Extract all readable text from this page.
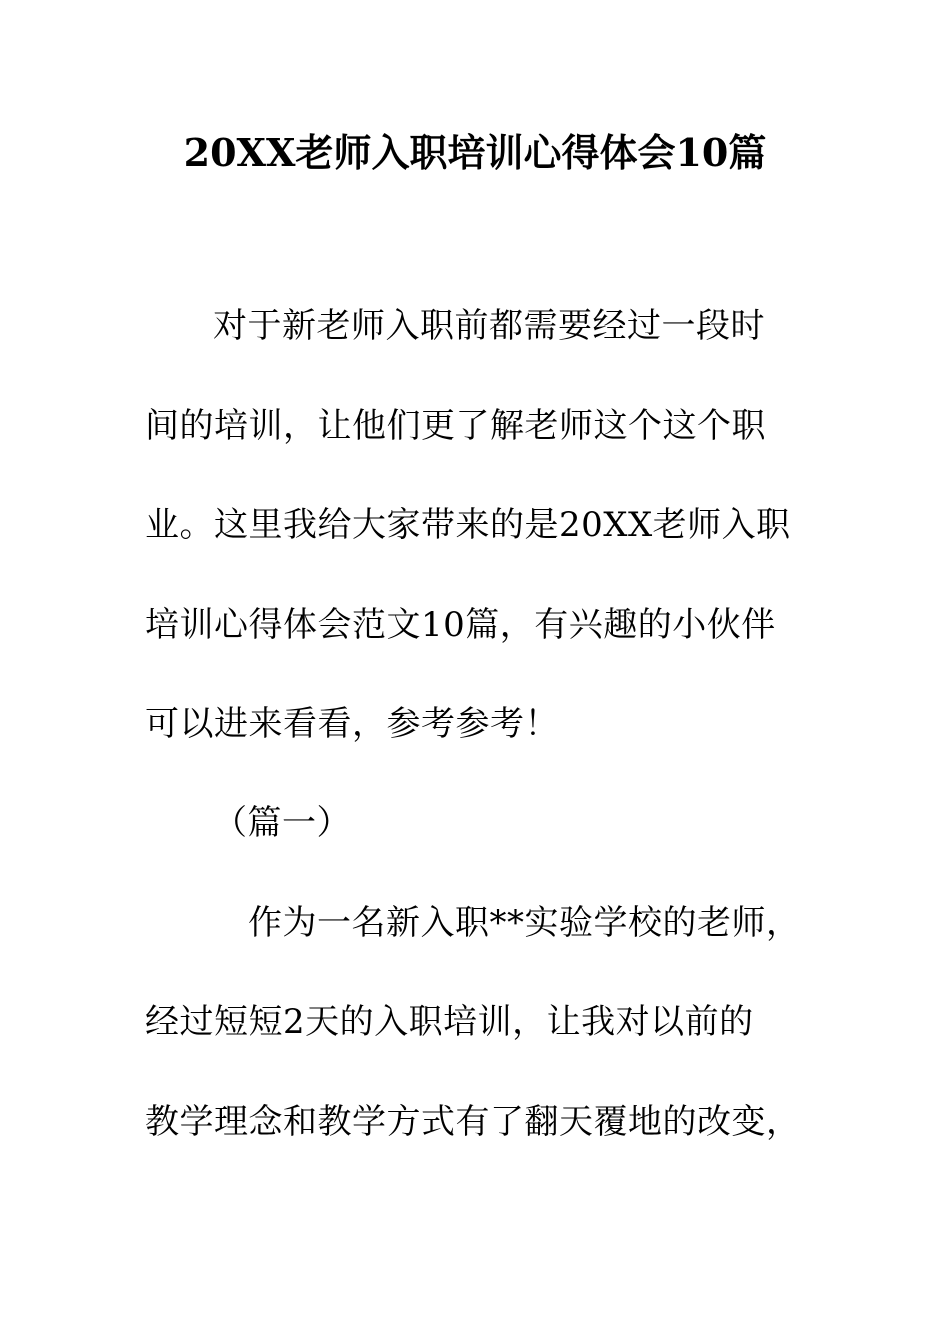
20XX老师入职培训心得体会10篇
对于新老师入职前都需要经过一段时
间的培训，让他们更了解老师这个这个职
业。这里我给大家带来的是20XX老师入职
培训心得体会范文10篇，有兴趣的小伙伴
可以进来看看，参考参考！
（篇一）
作为一名新入职**实验学校的老师，
经过短短2天的入职培训，让我对以前的
教学理念和教学方式有了翻天覆地的改变，
